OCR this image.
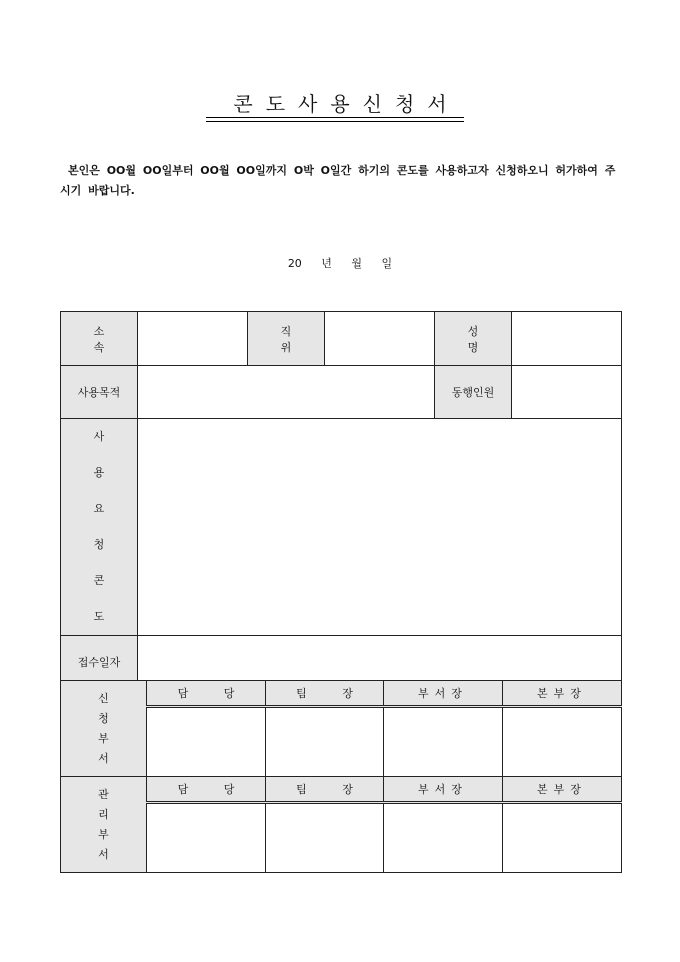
콘도사용신청서
본인은 OO월 OO일부터 OO월 OO일까지 O박 O일간 하기의 콘도를 사용하고자 신청하오니 허가하여 주시기 바랍니다.
20 년 월 일
소 속		직 위		성 명	
사용목적				동행인원	

사 용
요 청
콘 도					

접수일자					
신 청
부 서	담 당	팀 장	부서장	본부장

관 리
부 서	담 당	팀 장	부서장	본부장
